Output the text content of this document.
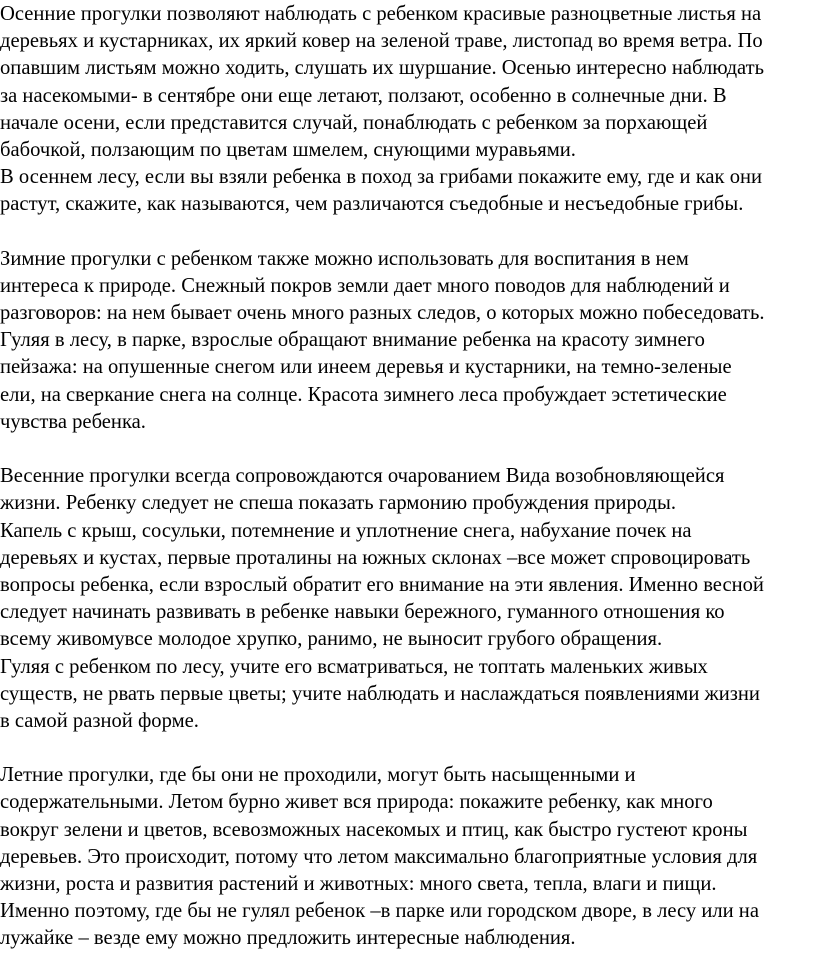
Осенние прогулки позволяют наблюдать с ребенком красивые разноцветные листья на
деревьях и кустарниках, их яркий ковер на зеленой траве, листопад во время ветра. По
опавшим листьям можно ходить, слушать их шуршание. Осенью интересно наблюдать
за насекомыми- в сентябре они еще летают, ползают, особенно в солнечные дни. В
начале осени, если представится случай, понаблюдать с ребенком за порхающей
бабочкой, ползающим по цветам шмелем, снующими муравьями.
В осеннем лесу, если вы взяли ребенка в поход за грибами покажите ему, где и как они
растут, скажите, как называются, чем различаются съедобные и несъедобные грибы.
Зимние прогулки с ребенком также можно использовать для воспитания в нем
интереса к природе. Снежный покров земли дает много поводов для наблюдений и
разговоров: на нем бывает очень много разных следов, о которых можно побеседовать.
Гуляя в лесу, в парке, взрослые обращают внимание ребенка на красоту зимнего
пейзажа: на опушенные снегом или инеем деревья и кустарники, на темно-зеленые
ели, на сверкание снега на солнце. Красота зимнего леса пробуждает эстетические
чувства ребенка.
Весенние прогулки всегда сопровождаются очарованием Вида возобновляющейся
жизни. Ребенку следует не спеша показать гармонию пробуждения природы.
Капель с крыш, сосульки, потемнение и уплотнение снега, набухание почек на
деревьях и кустах, первые проталины на южных склонах –все может спровоцировать
вопросы ребенка, если взрослый обратит его внимание на эти явления. Именно весной
следует начинать развивать в ребенке навыки бережного, гуманного отношения ко
всему живомувсе молодое хрупко, ранимо, не выносит грубого обращения.
Гуляя с ребенком по лесу, учите его всматриваться, не топтать маленьких живых
существ, не рвать первые цветы; учите наблюдать и наслаждаться появлениями жизни
в самой разной форме.
Летние прогулки, где бы они не проходили, могут быть насыщенными и
содержательными. Летом бурно живет вся природа: покажите ребенку, как много
вокруг зелени и цветов, всевозможных насекомых и птиц, как быстро густеют кроны
деревьев. Это происходит, потому что летом максимально благоприятные условия для
жизни, роста и развития растений и животных: много света, тепла, влаги и пищи.
Именно поэтому, где бы не гулял ребенок –в парке или городском дворе, в лесу или на
лужайке – везде ему можно предложить интересные наблюдения.
